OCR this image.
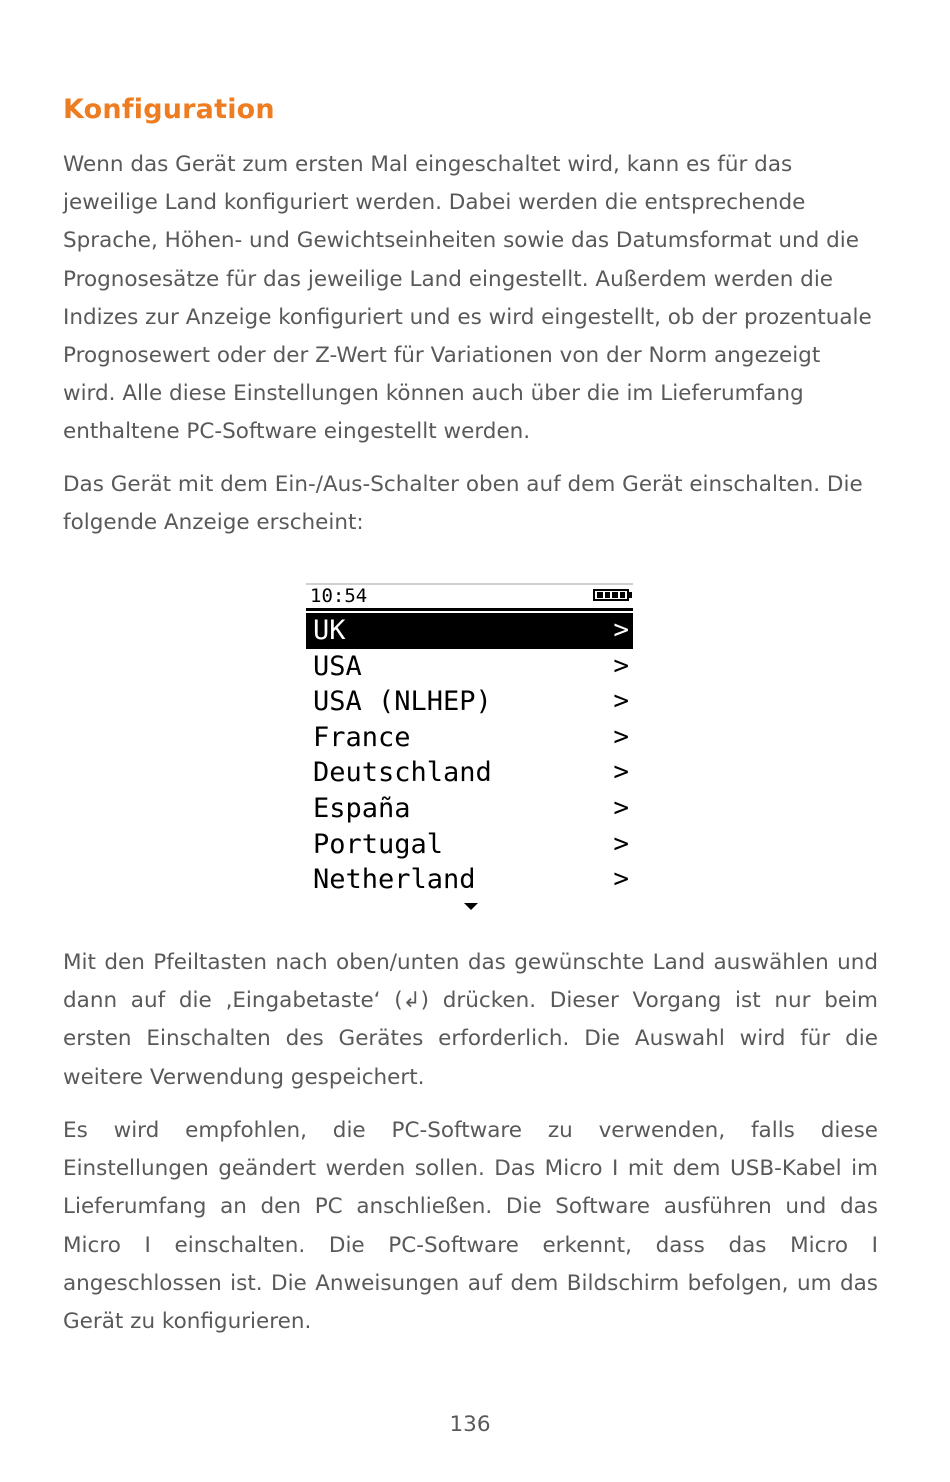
Konfiguration

Wenn das Gerät zum ersten Mal eingeschaltet wird, kann es für das jeweilige Land konfiguriert werden. Dabei werden die entsprechende Sprache, Höhen- und Gewichtseinheiten sowie das Datumsformat und die Prognosesätze für das jeweilige Land eingestellt. Außerdem werden die Indizes zur Anzeige konfiguriert und es wird eingestellt, ob der prozentuale Prognosewert oder der Z-Wert für Variationen von der Norm angezeigt wird. Alle diese Einstellungen können auch über die im Lieferumfang enthaltene PC-Software eingestellt werden.

Das Gerät mit dem Ein-/Aus-Schalter oben auf dem Gerät einschalten. Die folgende Anzeige erscheint:

10:54
UK	>
USA	>
USA (NLHEP)	>
France	>
Deutschland	>
España	>
Portugal	>
Netherland	>

Mit den Pfeiltasten nach oben/unten das gewünschte Land auswählen und dann auf die ‚Eingabetaste‘ (↲) drücken. Dieser Vorgang ist nur beim ersten Einschalten des Gerätes erforderlich. Die Auswahl wird für die weitere Verwendung gespeichert.

Es wird empfohlen, die PC-Software zu verwenden, falls diese Einstellungen geändert werden sollen. Das Micro I mit dem USB-Kabel im Lieferumfang an den PC anschließen. Die Software ausführen und das Micro I einschalten. Die PC-Software erkennt, dass das Micro I angeschlossen ist. Die Anweisungen auf dem Bildschirm befolgen, um das Gerät zu konfigurieren.

136
